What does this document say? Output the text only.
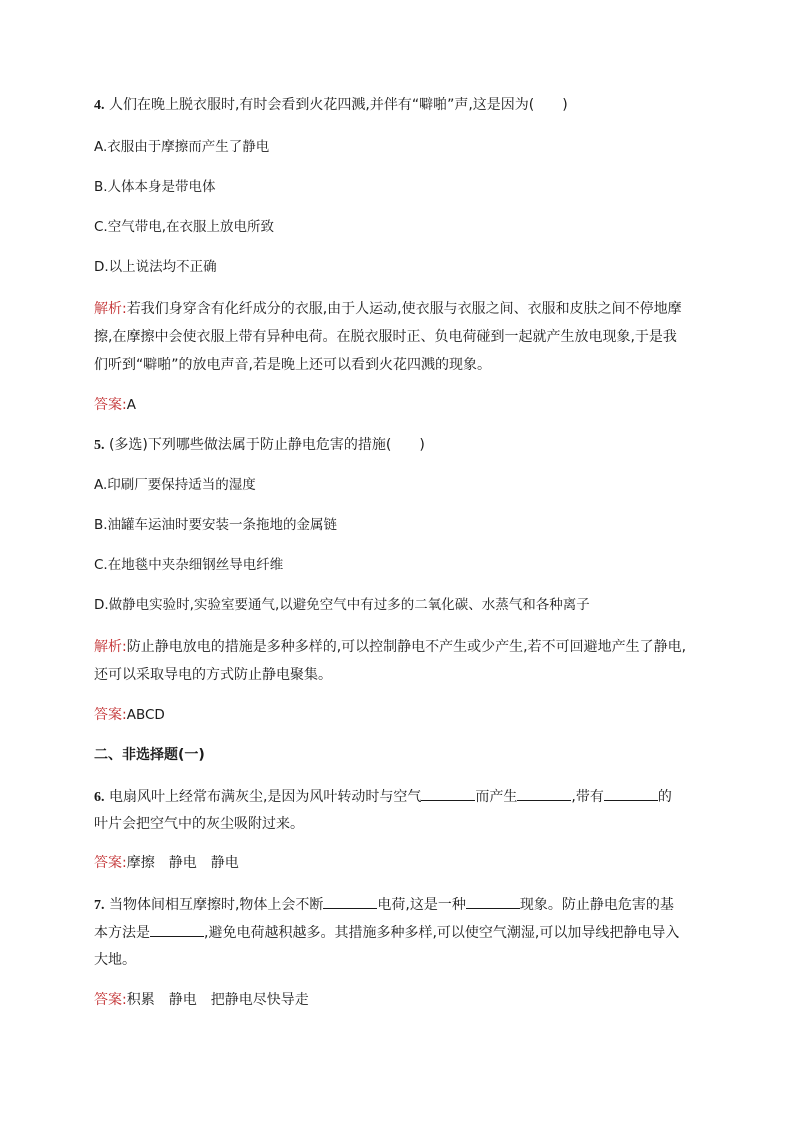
4. 人们在晚上脱衣服时,有时会看到火花四溅,并伴有“噼啪”声,这是因为(　　)
A.衣服由于摩擦而产生了静电
B.人体本身是带电体
C.空气带电,在衣服上放电所致
D.以上说法均不正确
解析:若我们身穿含有化纤成分的衣服,由于人运动,使衣服与衣服之间、衣服和皮肤之间不停地摩
擦,在摩擦中会使衣服上带有异种电荷。在脱衣服时正、负电荷碰到一起就产生放电现象,于是我
们听到“噼啪”的放电声音,若是晚上还可以看到火花四溅的现象。
答案:A
5. (多选)下列哪些做法属于防止静电危害的措施(　　)
A.印刷厂要保持适当的湿度
B.油罐车运油时要安装一条拖地的金属链
C.在地毯中夹杂细钢丝导电纤维
D.做静电实验时,实验室要通气,以避免空气中有过多的二氧化碳、水蒸气和各种离子
解析:防止静电放电的措施是多种多样的,可以控制静电不产生或少产生,若不可回避地产生了静电,
还可以采取导电的方式防止静电聚集。
答案:ABCD
二、非选择题(一)
6. 电扇风叶上经常布满灰尘,是因为风叶转动时与空气	而产生	,带有	的
叶片会把空气中的灰尘吸附过来。
答案:摩擦 静电 静电
7. 当物体间相互摩擦时,物体上会不断	电荷,这是一种	现象。防止静电危害的基
本方法是	,避免电荷越积越多。其措施多种多样,可以使空气潮湿,可以加导线把静电导入
大地。
答案:积累 静电 把静电尽快导走
